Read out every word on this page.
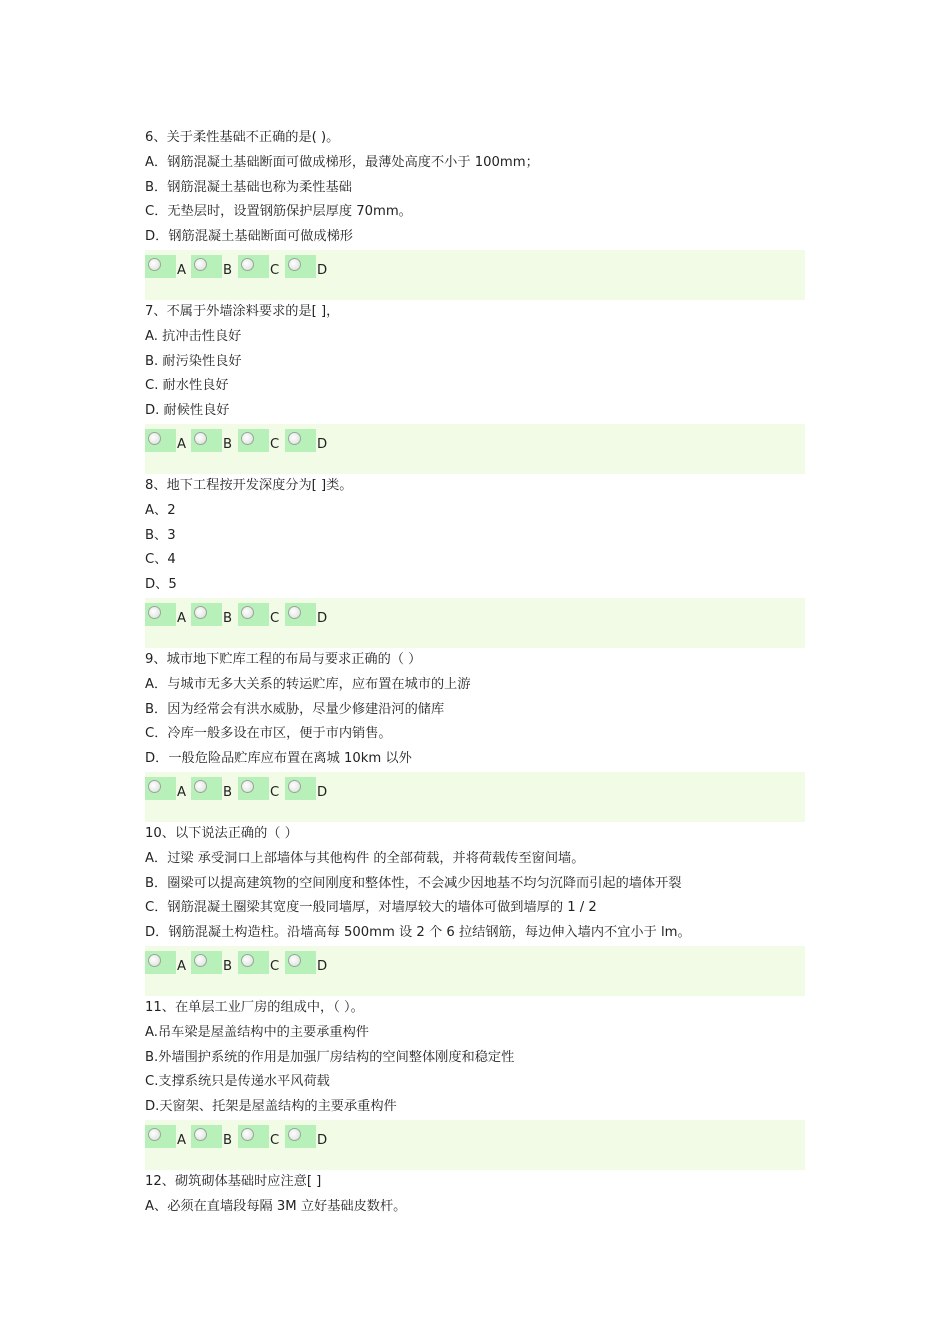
6、关于柔性基础不正确的是( )。
A．钢筋混凝土基础断面可做成梯形，最薄处高度不小于 100mm；
B．钢筋混凝土基础也称为柔性基础
C．无垫层时，设置钢筋保护层厚度 70mm。
D．钢筋混凝土基础断面可做成梯形
A	B	C	D
7、不属于外墙涂料要求的是[ ]，
A. 抗冲击性良好
B. 耐污染性良好
C. 耐水性良好
D. 耐候性良好
A	B	C	D
8、地下工程按开发深度分为[ ]类。
A、2
B、3
C、4
D、5
A	B	C	D
9、城市地下贮库工程的布局与要求正确的（ ）
A．与城市无多大关系的转运贮库，应布置在城市的上游
B．因为经常会有洪水威胁，尽量少修建沿河的储库
C．冷库一般多设在市区，便于市内销售。
D．一般危险品贮库应布置在离城 10km 以外
A	B	C	D
10、以下说法正确的（ ）
A．过梁 承受洞口上部墙体与其他构件 的全部荷载，并将荷载传至窗间墙。
B．圈梁可以提高建筑物的空间刚度和整体性，不会减少因地基不均匀沉降而引起的墙体开裂
C．钢筋混凝土圈梁其宽度一般同墙厚，对墙厚较大的墙体可做到墙厚的 1 / 2
D．钢筋混凝土构造柱。沿墙高每 500mm 设 2 个 6 拉结钢筋，每边伸入墙内不宜小于 lm。
A	B	C	D
11、在单层工业厂房的组成中，（ ）。
A.吊车梁是屋盖结构中的主要承重构件
B.外墙围护系统的作用是加强厂房结构的空间整体刚度和稳定性
C.支撑系统只是传递水平风荷载
D.天窗架、托架是屋盖结构的主要承重构件
A	B	C	D
12、砌筑砌体基础时应注意[ ]
A、必须在直墙段每隔 3M 立好基础皮数杆。
